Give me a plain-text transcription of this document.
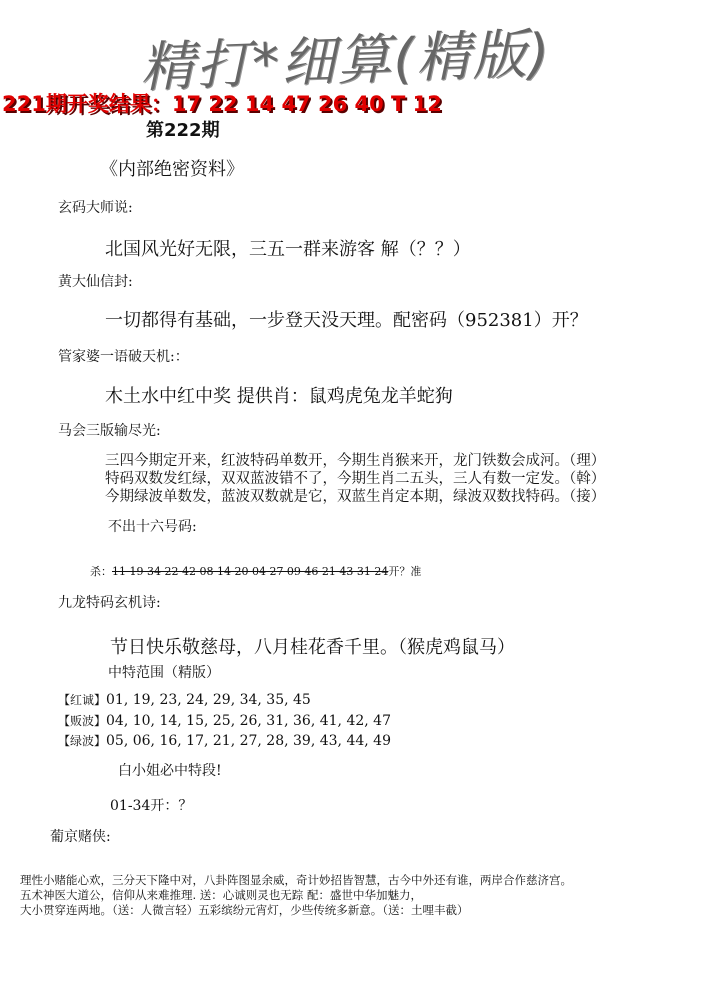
精打*细算(精版)
221期开奖结果：17 22 14 47 26 40 T 12
第222期
《内部绝密资料》
玄码大师说:
北国风光好无限，三五一群来游客 解（？？）
黄大仙信封:
一切都得有基础，一步登天没天理。配密码（952381）开？
管家婆一语破天机:：
木土水中红中奖 提供肖：鼠鸡虎兔龙羊蛇狗
马会三版输尽光:
三四今期定开来，红波特码单数开，今期生肖猴来开，龙门铁数会成河。（理）
特码双数发红绿，双双蓝波错不了，今期生肖二五头，三人有数一定发。（斡）
今期绿波单数发，蓝波双数就是它，双蓝生肖定本期，绿波双数找特码。（接）
不出十六号码:
杀：11 19 34 22 42 08 14 20 04 27 09 46 21 43 31 24开？准
九龙特码玄机诗:
节日快乐敬慈母，八月桂花香千里。（猴虎鸡鼠马）
中特范围（精版）
【红诚】01, 19, 23, 24, 29, 34, 35, 45
【贩波】04, 10, 14, 15, 25, 26, 31, 36, 41, 42, 47
【绿波】05, 06, 16, 17, 21, 27, 28, 39, 43, 44, 49
白小姐必中特段!
01-34开：？
葡京赌侠:
理性小赌能心欢，三分天下隆中对，八卦阵图显余威，奇计妙招皆智慧，古今中外还有谁，两岸合作慈济宫。
五术神医大道公，信仰从来难推理. 送：心诚则灵也无踪 配：盛世中华加魅力，
大小贯穿连两地。（送：人微言轻）五彩缤纷元宵灯，少些传统多新意。（送：土哩丰截）
